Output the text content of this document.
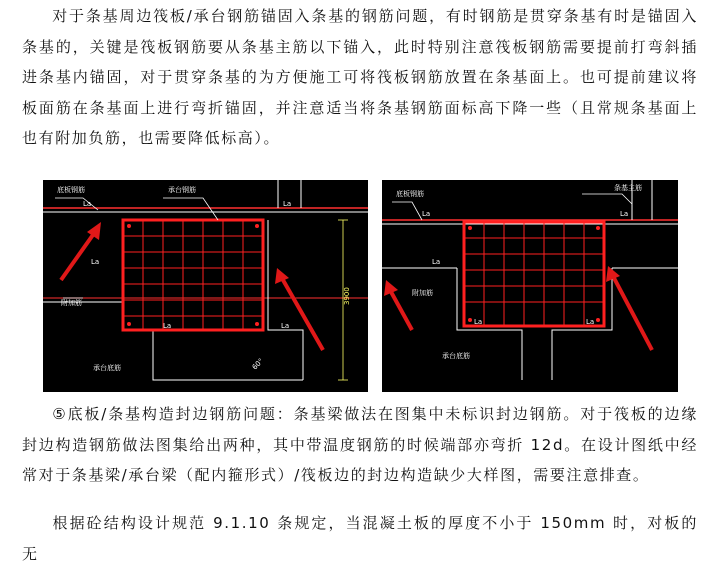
对于条基周边筏板/承台钢筋锚固入条基的钢筋问题，有时钢筋是贯穿条基有时是锚固入条基的，关键是筏板钢筋要从条基主筋以下锚入，此时特别注意筏板钢筋需要提前打弯斜插进条基内锚固，对于贯穿条基的为方便施工可将筏板钢筋放置在条基面上。也可提前建议将板面筋在条基面上进行弯折锚固，并注意适当将条基钢筋面标高下降一些（且常规条基面上也有附加负筋，也需要降低标高）。
底板钢筋	承台钢筋
La	La
La
La	La
附加筋
承台底筋
3900
60°
底板钢筋
条基主筋
La	La
La
La	La
附加筋
承台底筋
⑤底板/条基构造封边钢筋问题：条基梁做法在图集中未标识封边钢筋。对于筏板的边缘封边构造钢筋做法图集给出两种，其中带温度钢筋的时候端部亦弯折 12d。在设计图纸中经常对于条基梁/承台梁（配内箍形式）/筏板边的封边构造缺少大样图，需要注意排查。
根据砼结构设计规范 9.1.10 条规定，当混凝土板的厚度不小于 150mm 时，对板的无
